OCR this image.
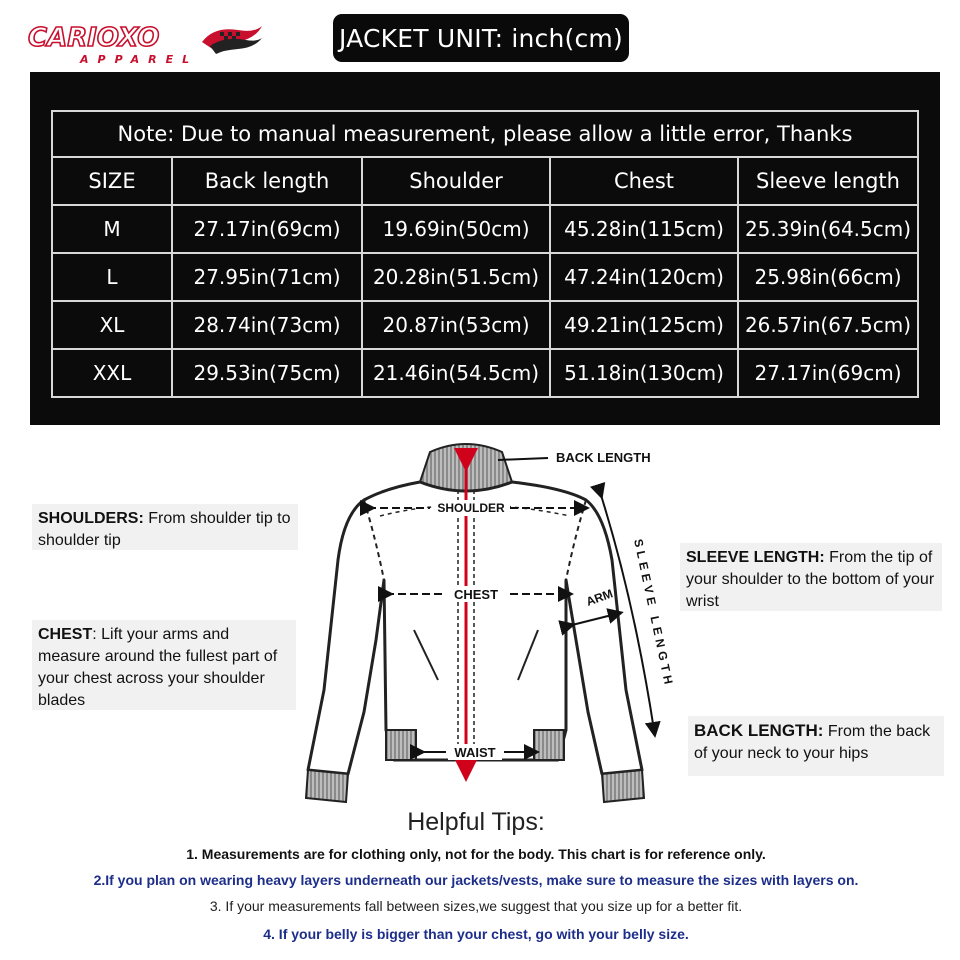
CARIOXO
APPAREL
JACKET UNIT: inch(cm)
Note: Due to manual measurement, please allow a little error, Thanks				
SIZE	Back length	Shoulder	Chest	Sleeve length
M	27.17in(69cm)	19.69in(50cm)	45.28in(115cm)	25.39in(64.5cm)
L	27.95in(71cm)	20.28in(51.5cm)	47.24in(120cm)	25.98in(66cm)
XL	28.74in(73cm)	20.87in(53cm)	49.21in(125cm)	26.57in(67.5cm)
XXL	29.53in(75cm)	21.46in(54.5cm)	51.18in(130cm)	27.17in(69cm)
BACK LENGTH
SHOULDER
CHEST
WAIST
ARM SLEEVE LENGTH
SHOULDERS: From shoulder tip to shoulder tip
CHEST: Lift your arms and measure around the fullest part of your chest across your shoulder blades
SLEEVE LENGTH: From the tip of your shoulder to the bottom of your wrist
BACK LENGTH: From the back of your neck to your hips
Helpful Tips:
1. Measurements are for clothing only, not for the body. This chart is for reference only.
2.If you plan on wearing heavy layers underneath our jackets/vests, make sure to measure the sizes with layers on.
3. If your measurements fall between sizes,we suggest that you size up for a better fit.
4. If your belly is bigger than your chest, go with your belly size.
